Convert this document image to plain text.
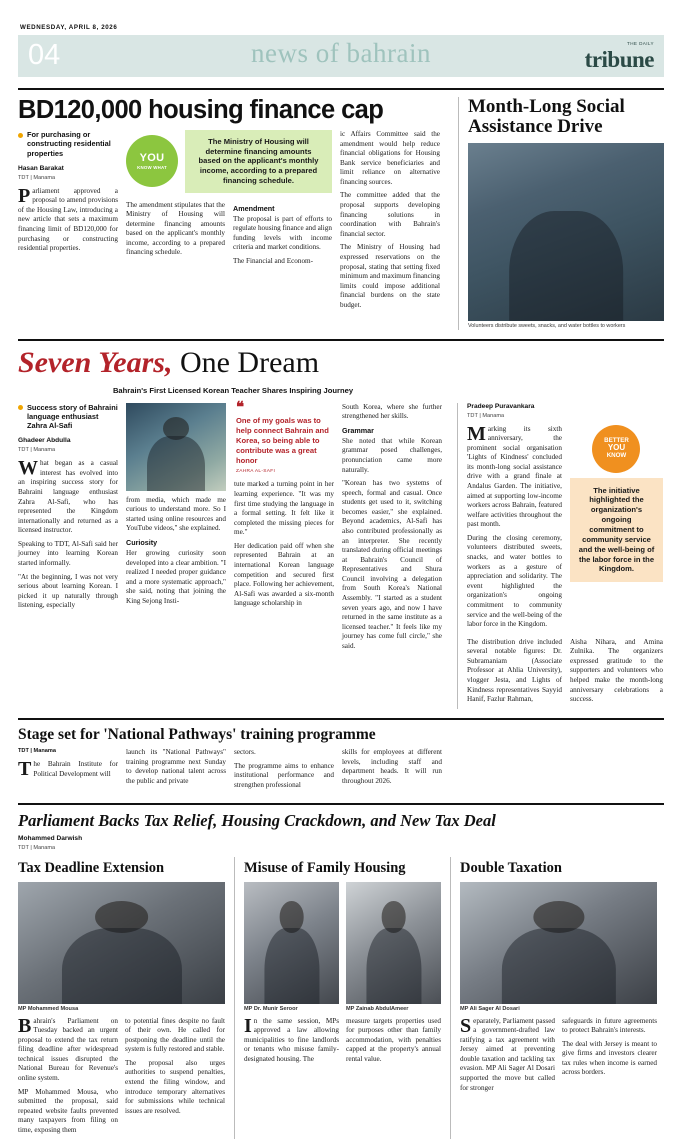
WEDNESDAY, APRIL 8, 2026
04	news of bahrain	THE DAILY
tribune
BD120,000 housing finance cap
For purchasing or constructing residential properties
Hasan Barakat
TDT | Manama

Parliament approved a proposal to amend provisions of the Housing Law, introducing a new article that sets a maximum financing limit of BD120,000 for purchasing or constructing residential properties.

YOU
KNOW WHAT
The Ministry of Housing will determine financing amounts based on the applicant's monthly income, according to a prepared financing schedule.

The amendment stipulates that the Ministry of Housing will determine financing amounts based on the applicant's monthly income, according to a prepared financing schedule.

Amendment

The proposal is part of efforts to regulate housing finance and align funding levels with income criteria and market conditions.

The Financial and Econom-

ic Affairs Committee said the amendment would help reduce financial obligations for Housing Bank service beneficiaries and limit reliance on alternative financing sources.

The committee added that the proposal supports developing financing solutions in coordination with Bahrain's financial sector.

The Ministry of Housing had expressed reservations on the proposal, stating that setting fixed minimum and maximum financing limits could impose additional financial burdens on the state budget.

Month-Long Social Assistance Drive
Volunteers distribute sweets, snacks, and water bottles to workers
Seven Years, One Dream
Bahrain's First Licensed Korean Teacher Shares Inspiring Journey
Success story of Bahraini language enthusiast Zahra Al-Safi
Ghadeer Abdulla
TDT | Manama

What began as a casual interest has evolved into an inspiring success story for Bahraini language enthusiast Zahra Al-Safi, who has represented the Kingdom internationally and returned as a licensed instructor.

Speaking to TDT, Al-Safi said her journey into learning Korean started informally.

"At the beginning, I was not very serious about learning Korean. I picked it up naturally through listening, especially

from media, which made me curious to understand more. So I started using online resources and YouTube videos," she explained.

Curiosity

Her growing curiosity soon developed into a clear ambition. "I realized I needed proper guidance and a more systematic approach," she said, noting that joining the King Sejong Insti-

❝
One of my goals was to help connect Bahrain and Korea, so being able to contribute was a great honor
ZAHRA AL-SAFI

tute marked a turning point in her learning experience. "It was my first time studying the language in a formal setting. It felt like it completed the missing pieces for me."

Her dedication paid off when she represented Bahrain at an international Korean language competition and secured first place. Following her achievement, Al-Safi was awarded a six-month language scholarship in

South Korea, where she further strengthened her skills.

Grammar

She noted that while Korean grammar posed challenges, pronunciation came more naturally.

"Korean has two systems of speech, formal and casual. Once students get used to it, switching becomes easier," she explained. Beyond academics, Al-Safi has also contributed professionally as an interpreter. She recently translated during official meetings at Bahrain's Council of Representatives and Shura Council involving a delegation from South Korea's National Assembly. "I started as a student seven years ago, and now I have returned in the same institute as a licensed teacher." It feels like my journey has come full circle," she said.

Pradeep Puravankara
TDT | Manama

Marking its sixth anniversary, the prominent social organisation 'Lights of Kindness' concluded its month-long social assistance drive with a grand finale at Andalus Garden. The initiative, aimed at supporting low-income workers across Bahrain, featured welfare activities throughout the past month.

During the closing ceremony, volunteers distributed sweets, snacks, and water bottles to workers as a gesture of appreciation and solidarity. The event highlighted the organization's ongoing commitment to community service and the well-being of the labor force in the Kingdom.

BETTER
YOU
KNOW
The initiative highlighted the organization's ongoing commitment to community service and the well-being of the labor force in the Kingdom.

The distribution drive included several notable figures: Dr. Subramaniam (Associate Professor at Ahlia University), vlogger Jesta, and Lights of Kindness representatives Sayyid Hanif, Fazlur Rahman,

Aisha Nihara, and Amina Zulnika. The organizers expressed gratitude to the supporters and volunteers who helped make the month-long anniversary celebrations a success.

Stage set for 'National Pathways' training programme
TDT | Manama

The Bahrain Institute for Political Development will

launch its "National Pathways" training programme next Sunday to develop national talent across the public and private

sectors.

The programme aims to enhance institutional performance and strengthen professional

skills for employees at different levels, including staff and department heads. It will run throughout 2026.

Parliament Backs Tax Relief, Housing Crackdown, and New Tax Deal
Mohammed Darwish
TDT | Manama
Tax Deadline Extension
MP Mohammed Mousa

Bahrain's Parliament on Tuesday backed an urgent proposal to extend the tax return filing deadline after widespread technical issues disrupted the National Bureau for Revenue's online system.

MP Mohammed Mousa, who submitted the proposal, said repeated website faults prevented many taxpayers from filing on time, exposing them

to potential fines despite no fault of their own. He called for postponing the deadline until the system is fully restored and stable.

The proposal also urges authorities to suspend penalties, extend the filing window, and introduce temporary alternatives for submissions while technical issues are resolved.

Misuse of Family Housing
MP Dr. Munir Seroor	MP Zainab AbdulAmeer

In the same session, MPs approved a law allowing municipalities to fine landlords or tenants who misuse family-designated housing. The

measure targets properties used for purposes other than family accommodation, with penalties capped at the property's annual rental value.

Double Taxation
MP Ali Sager Al Dosari

Separately, Parliament passed a government-drafted law ratifying a tax agreement with Jersey aimed at preventing double taxation and tackling tax evasion. MP Ali Sager Al Dosari supported the move but called for stronger

safeguards in future agreements to protect Bahrain's interests.

The deal with Jersey is meant to give firms and investors clearer tax rules when income is earned across borders.
